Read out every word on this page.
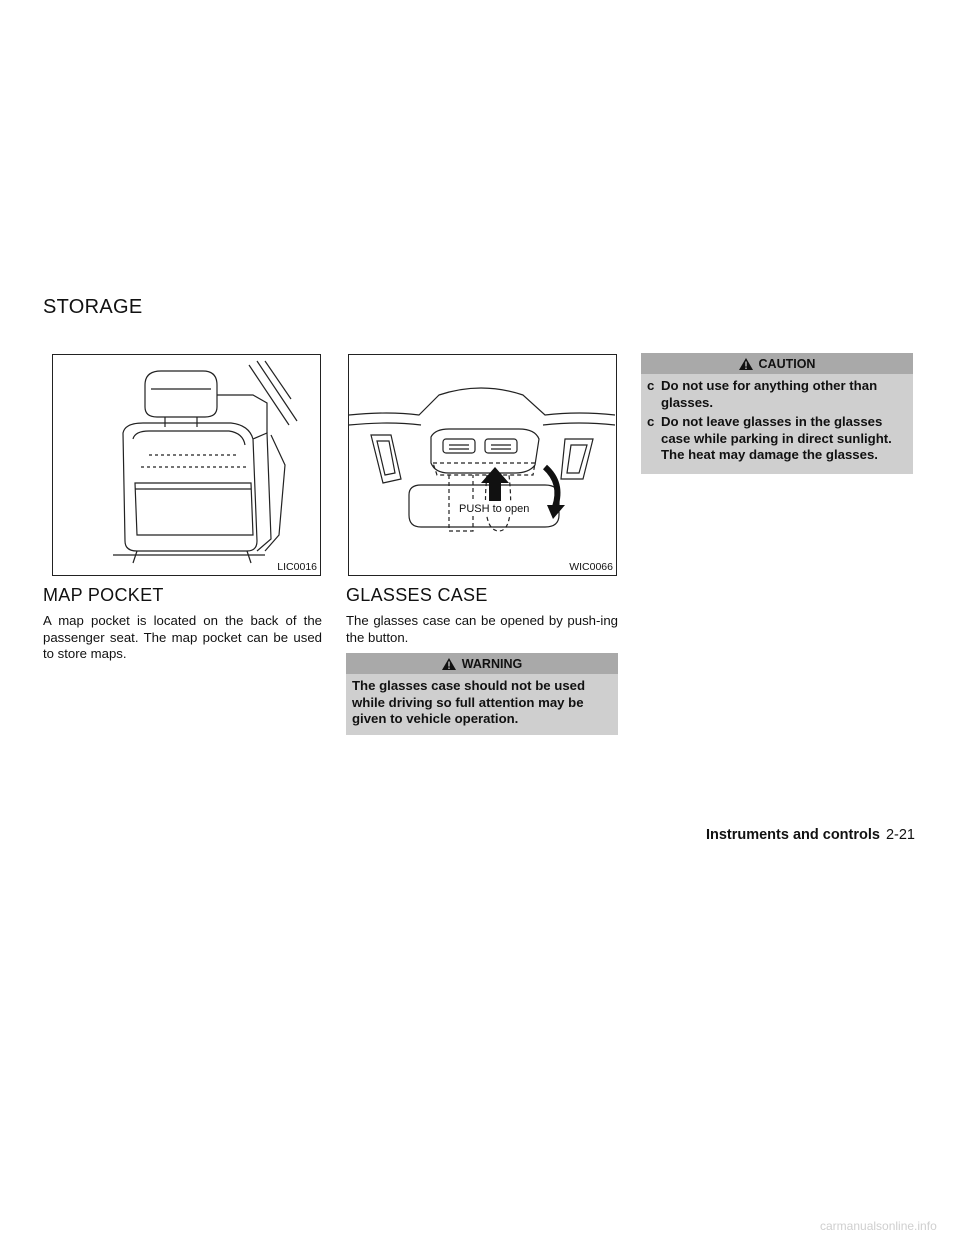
STORAGE
LIC0016
PUSH to open
WIC0066
MAP POCKET

A map pocket is located on the back of the passenger seat. The map pocket can be used to store maps.

GLASSES CASE

The glasses case can be opened by push-ing the button.

WARNING
The glasses case should not be used while driving so full attention may be given to vehicle operation.
CAUTION
c Do not use for anything other than glasses.
c Do not leave glasses in the glasses case while parking in direct sunlight. The heat may damage the glasses.
Instruments and controls 2-21
carmanualsonline.info
